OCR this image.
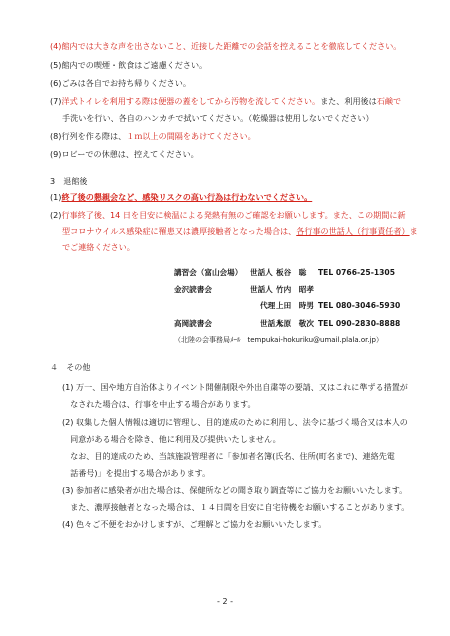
(4)館内では大きな声を出さないこと、近接した距離での会話を控えることを徹底してください。
(5)館内での喫煙・飲食はご遠慮ください。
(6)ごみは各自でお持ち帰りください。
(7)洋式トイレを利用する際は便器の蓋をしてから汚物を流してください。また、利用後は石鹸で
手洗いを行い、各自のハンカチで拭いてください。（乾燥器は使用しないでください）
(8)行列を作る際は、１ｍ以上の間隔をあけてください。
(9)ロビーでの休憩は、控えてください。
3　退館後
(1)終了後の懇親会など、感染リスクの高い行為は行わないでください。
(2)行事終了後、14 日を目安に検温による発熱有無のご確認をお願いします。また、この期間に新
型コロナウイルス感染症に罹患又は濃厚接触者となった場合は、各行事の世話人（行事責任者）ま
でご連絡ください。
講習会（富山会場） 世話人 板谷　聡 TEL 0766-25-1305
金沢読書会	世話人 竹内　昭孝
代理 上田　時男 TEL 080-3046-5930
高岡読書会	世話人
米原　敬次 TEL 090-2830-8888
（北陸の会事務局ﾒｰﾙ　tempukai-hokuriku@umail.plala.or.jp）
４　その他
(1) 万一、国や地方自治体よりイベント開催制限や外出自粛等の要請、又はこれに準ずる措置が
　なされた場合は、行事を中止する場合があります。
(2) 収集した個人情報は適切に管理し、目的達成のために利用し、法令に基づく場合又は本人の
　同意がある場合を除き、他に利用及び提供いたしません。
　なお、目的達成のため、当該施設管理者に「参加者名簿(氏名、住所(町名まで)、連絡先電
　話番号)」を提出する場合があります。
(3) 参加者に感染者が出た場合は、保健所などの聞き取り調査等にご協力をお願いいたします。
　また、濃厚接触者となった場合は、１４日間を目安に自宅待機をお願いすることがあります。
(4) 色々ご不便をおかけしますが、ご理解とご協力をお願いいたします。
- 2 -
